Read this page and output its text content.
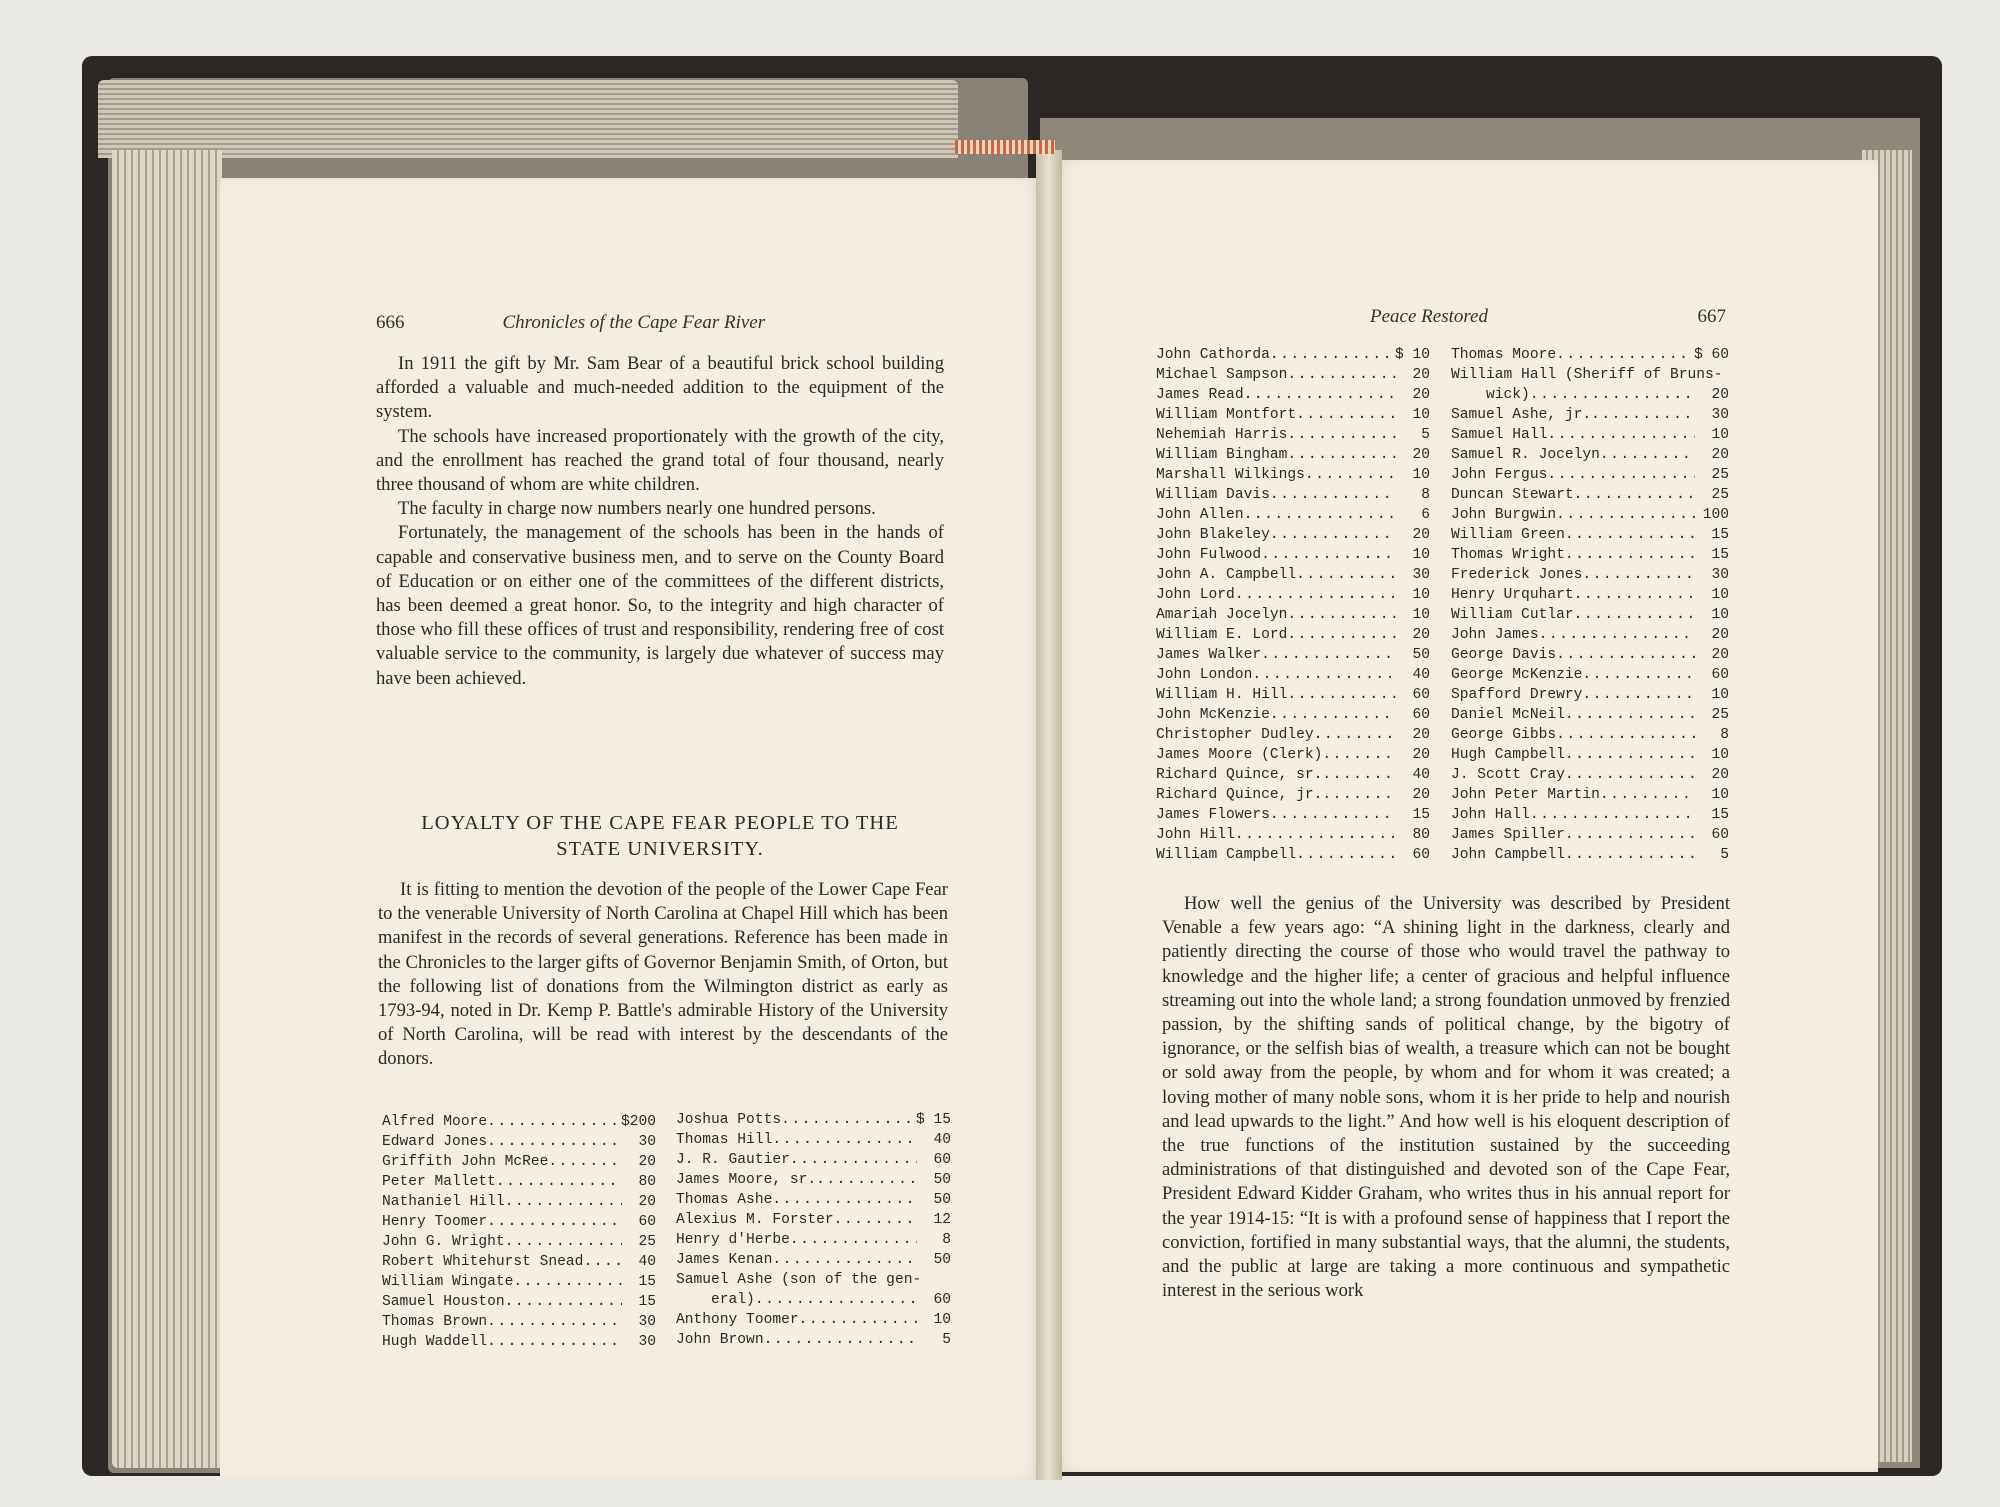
666	Chronicles of the Cape Fear River

In 1911 the gift by Mr. Sam Bear of a beautiful brick school building afforded a valuable and much-needed addition to the equipment of the system.

The schools have increased proportionately with the growth of the city, and the enrollment has reached the grand total of four thousand, nearly three thousand of whom are white children.

The faculty in charge now numbers nearly one hundred persons.

Fortunately, the management of the schools has been in the hands of capable and conservative business men, and to serve on the County Board of Education or on either one of the committees of the different districts, has been deemed a great honor. So, to the integrity and high character of those who fill these offices of trust and responsibility, rendering free of cost valuable service to the community, is largely due whatever of success may have been achieved.

LOYALTY OF THE CAPE FEAR PEOPLE TO THE

STATE UNIVERSITY.

It is fitting to mention the devotion of the people of the Lower Cape Fear to the venerable University of North Carolina at Chapel Hill which has been manifest in the records of several generations. Reference has been made in the Chronicles to the larger gifts of Governor Benjamin Smith, of Orton, but the following list of donations from the Wilmington district as early as 1793-94, noted in Dr. Kemp P. Battle's admirable History of the University of North Carolina, will be read with interest by the descendants of the donors.

Alfred Moore .....	$200
Edward Jones .....	30
Griffith John McRee .....	20
Peter Mallett .....	80
Nathaniel Hill .....	20
Henry Toomer .....	60
John G. Wright .....	25
Robert Whitehurst Snead .....	40
William Wingate .....	15
Samuel Houston .....	15
Thomas Brown .....	30
Hugh Waddell .....	30
Joshua Potts .....	$ 15
Thomas Hill .....	40
J. R. Gautier .....	60
James Moore, sr. .....	50
Thomas Ashe .....	50
Alexius M. Forster .....	12
Henry d'Herbe .....	8
James Kenan .....	50
Samuel Ashe (son of the gen-
eral) .....	60
Anthony Toomer .....	10
John Brown .....	5
Peace Restored	667
John Cathorda .....	$ 10
Michael Sampson .....	20
James Read .....	20
William Montfort .....	10
Nehemiah Harris .....	5
William Bingham .....	20
Marshall Wilkings .....	10
William Davis .....	8
John Allen .....	6
John Blakeley .....	20
John Fulwood .....	10
John A. Campbell .....	30
John Lord .....	10
Amariah Jocelyn .....	10
William E. Lord .....	20
James Walker .....	50
John London .....	40
William H. Hill .....	60
John McKenzie .....	60
Christopher Dudley .....	20
James Moore (Clerk) .....	20
Richard Quince, sr. .....	40
Richard Quince, jr. .....	20
James Flowers .....	15
John Hill .....	80
William Campbell .....	60
Thomas Moore .....	$ 60
William Hall (Sheriff of Bruns-
wick) .....	20
Samuel Ashe, jr. .....	30
Samuel Hall .....	10
Samuel R. Jocelyn .....	20
John Fergus .....	25
Duncan Stewart .....	25
John Burgwin .....	100
William Green .....	15
Thomas Wright .....	15
Frederick Jones .....	30
Henry Urquhart .....	10
William Cutlar .....	10
John James .....	20
George Davis .....	20
George McKenzie .....	60
Spafford Drewry .....	10
Daniel McNeil .....	25
George Gibbs .....	8
Hugh Campbell .....	10
J. Scott Cray .....	20
John Peter Martin .....	10
John Hall .....	15
James Spiller .....	60
John Campbell .....	5

How well the genius of the University was described by President Venable a few years ago: “A shining light in the darkness, clearly and patiently directing the course of those who would travel the pathway to knowledge and the higher life; a center of gracious and helpful influence streaming out into the whole land; a strong foundation unmoved by frenzied passion, by the shifting sands of political change, by the bigotry of ignorance, or the selfish bias of wealth, a treasure which can not be bought or sold away from the people, by whom and for whom it was created; a loving mother of many noble sons, whom it is her pride to help and nourish and lead upwards to the light.” And how well is his eloquent description of the true functions of the institution sustained by the succeeding administrations of that distinguished and devoted son of the Cape Fear, President Edward Kidder Graham, who writes thus in his annual report for the year 1914-15: “It is with a profound sense of happiness that I report the conviction, fortified in many substantial ways, that the alumni, the students, and the public at large are taking a more continuous and sympathetic interest in the serious work
